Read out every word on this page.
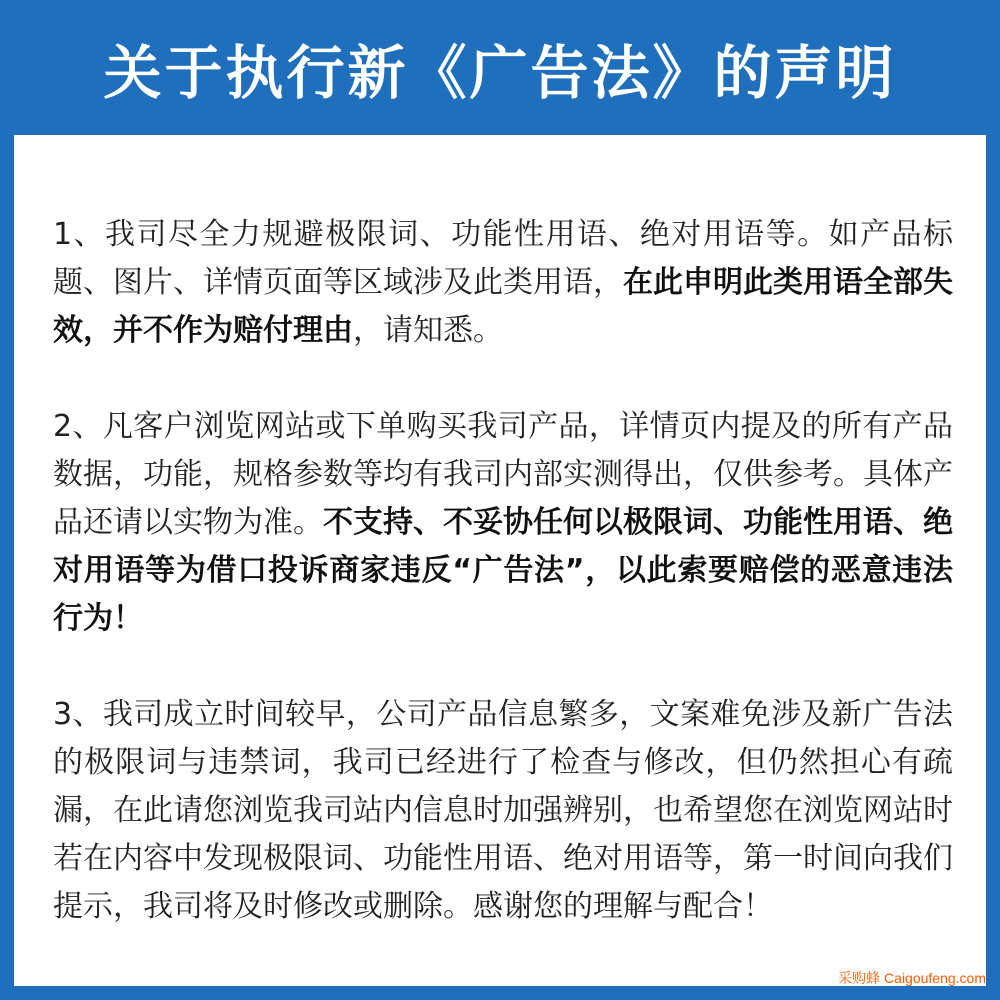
关于执行新《广告法》的声明

1、我司尽全力规避极限词、功能性用语、绝对用语等。如产品标题、图片、详情页面等区域涉及此类用语，在此申明此类用语全部失效，并不作为赔付理由，请知悉。

2、凡客户浏览网站或下单购买我司产品，详情页内提及的所有产品数据，功能，规格参数等均有我司内部实测得出，仅供参考。具体产品还请以实物为准。不支持、不妥协任何以极限词、功能性用语、绝对用语等为借口投诉商家违反“广告法”，以此索要赔偿的恶意违法行为！

3、我司成立时间较早，公司产品信息繁多，文案难免涉及新广告法的极限词与违禁词，我司已经进行了检查与修改，但仍然担心有疏漏，在此请您浏览我司站内信息时加强辨别，也希望您在浏览网站时若在内容中发现极限词、功能性用语、绝对用语等，第一时间向我们提示，我司将及时修改或删除。感谢您的理解与配合！

采购蜂 Caigoufeng.com
